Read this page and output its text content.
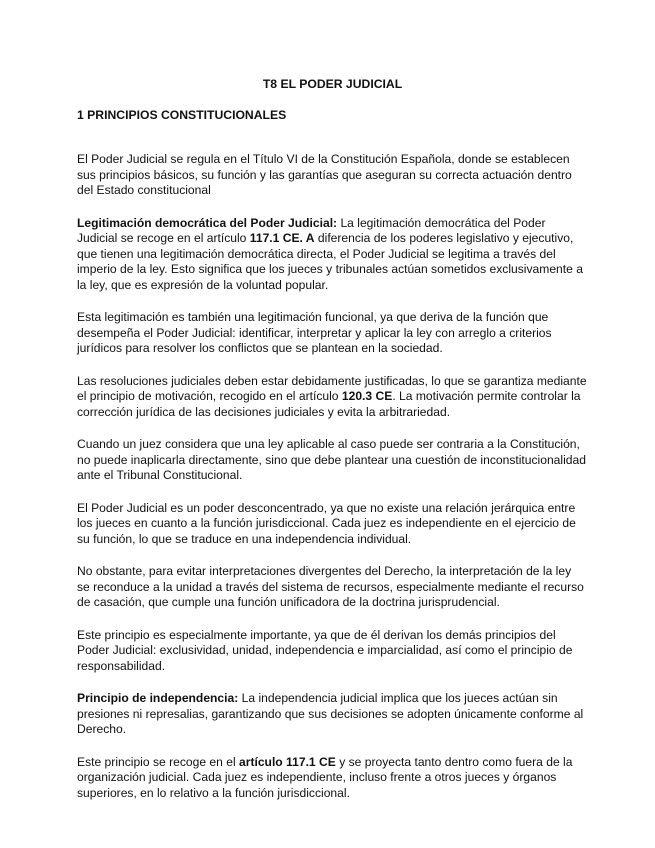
T8 EL PODER JUDICIAL
1 PRINCIPIOS CONSTITUCIONALES

El Poder Judicial se regula en el Título VI de la Constitución Española, donde se establecen sus principios básicos, su función y las garantías que aseguran su correcta actuación dentro del Estado constitucional

Legitimación democrática del Poder Judicial: La legitimación democrática del Poder Judicial se recoge en el artículo 117.1 CE. A diferencia de los poderes legislativo y ejecutivo, que tienen una legitimación democrática directa, el Poder Judicial se legitima a través del imperio de la ley. Esto significa que los jueces y tribunales actúan sometidos exclusivamente a la ley, que es expresión de la voluntad popular.

Esta legitimación es también una legitimación funcional, ya que deriva de la función que desempeña el Poder Judicial: identificar, interpretar y aplicar la ley con arreglo a criterios jurídicos para resolver los conflictos que se plantean en la sociedad.

Las resoluciones judiciales deben estar debidamente justificadas, lo que se garantiza mediante el principio de motivación, recogido en el artículo 120.3 CE. La motivación permite controlar la corrección jurídica de las decisiones judiciales y evita la arbitrariedad.

Cuando un juez considera que una ley aplicable al caso puede ser contraria a la Constitución, no puede inaplicarla directamente, sino que debe plantear una cuestión de inconstitucionalidad ante el Tribunal Constitucional.

El Poder Judicial es un poder desconcentrado, ya que no existe una relación jerárquica entre los jueces en cuanto a la función jurisdiccional. Cada juez es independiente en el ejercicio de su función, lo que se traduce en una independencia individual.

No obstante, para evitar interpretaciones divergentes del Derecho, la interpretación de la ley se reconduce a la unidad a través del sistema de recursos, especialmente mediante el recurso de casación, que cumple una función unificadora de la doctrina jurisprudencial.

Este principio es especialmente importante, ya que de él derivan los demás principios del Poder Judicial: exclusividad, unidad, independencia e imparcialidad, así como el principio de responsabilidad.

Principio de independencia: La independencia judicial implica que los jueces actúan sin presiones ni represalias, garantizando que sus decisiones se adopten únicamente conforme al Derecho.

Este principio se recoge en el artículo 117.1 CE y se proyecta tanto dentro como fuera de la organización judicial. Cada juez es independiente, incluso frente a otros jueces y órganos superiores, en lo relativo a la función jurisdiccional.
